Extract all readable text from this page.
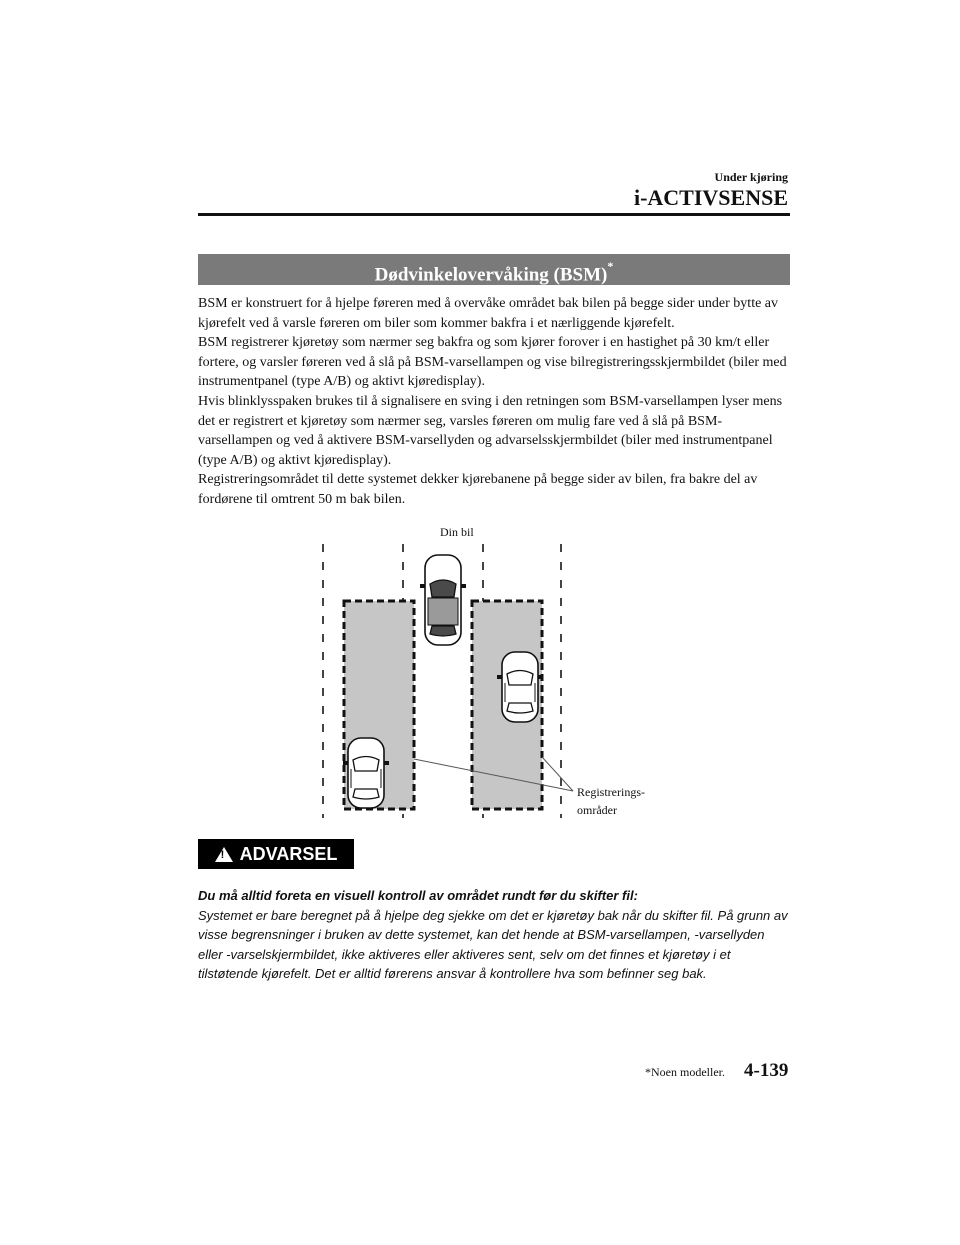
Under kjøring
i-ACTIVSENSE
Dødvinkelovervåking (BSM)*

BSM er konstruert for å hjelpe føreren med å overvåke området bak bilen på begge sider under bytte av kjørefelt ved å varsle føreren om biler som kommer bakfra i et nærliggende kjørefelt.

BSM registrerer kjøretøy som nærmer seg bakfra og som kjører forover i en hastighet på 30 km/t eller fortere, og varsler føreren ved å slå på BSM-varsellampen og vise bilregistreringsskjermbildet (biler med instrumentpanel (type A/B) og aktivt kjøredisplay).

Hvis blinklysspaken brukes til å signalisere en sving i den retningen som BSM-varsellampen lyser mens det er registrert et kjøretøy som nærmer seg, varsles føreren om mulig fare ved å slå på BSM-varsellampen og ved å aktivere BSM-varsellyden og advarselsskjermbildet (biler med instrumentpanel (type A/B) og aktivt kjøredisplay).

Registreringsområdet til dette systemet dekker kjørebanene på begge sider av bilen, fra bakre del av fordørene til omtrent 50 m bak bilen.

Din bil
Registrerings-
områder
! ADVARSEL

Du må alltid foreta en visuell kontroll av området rundt før du skifter fil:

Systemet er bare beregnet på å hjelpe deg sjekke om det er kjøretøy bak når du skifter fil. På grunn av visse begrensninger i bruken av dette systemet, kan det hende at BSM-varsellampen, -varsellyden eller -varselskjermbildet, ikke aktiveres eller aktiveres sent, selv om det finnes et kjøretøy i et tilstøtende kjørefelt. Det er alltid førerens ansvar å kontrollere hva som befinner seg bak.

*Noen modeller. 4-139
